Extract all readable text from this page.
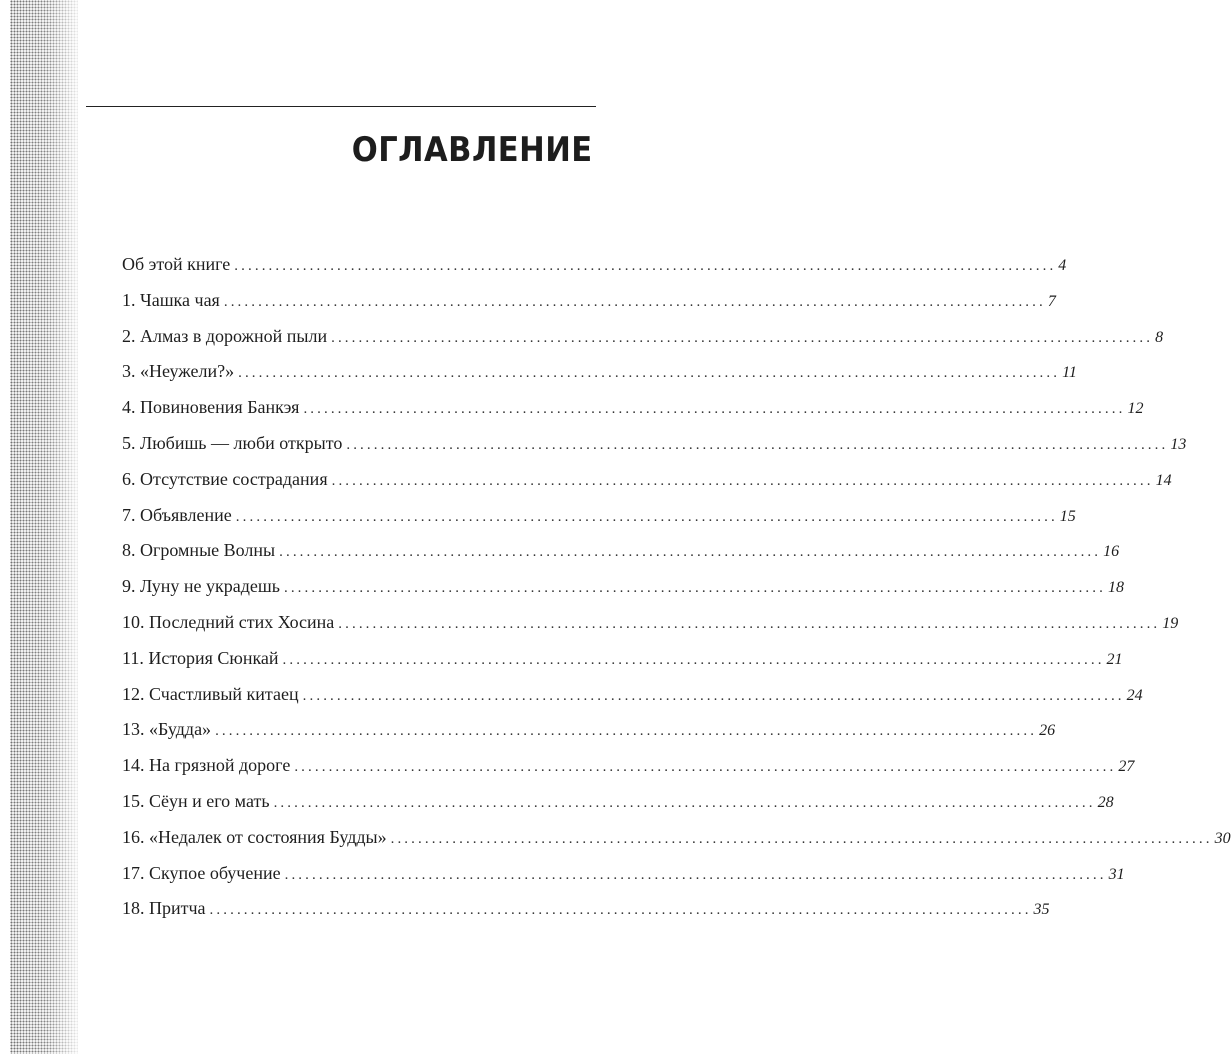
ОГЛАВЛЕНИЕ
Об этой книге ........................................................................................................................ 4
1. Чашка чая ........................................................................................................................ 7
2. Алмаз в дорожной пыли ........................................................................................................................ 8
3. «Неужели?» ........................................................................................................................ 11
4. Повиновения Банкэя ........................................................................................................................ 12
5. Любишь — люби открыто ........................................................................................................................ 13
6. Отсутствие сострадания ........................................................................................................................ 14
7. Объявление ........................................................................................................................ 15
8. Огромные Волны ........................................................................................................................ 16
9. Луну не украдешь ........................................................................................................................ 18
10. Последний стих Хосина ........................................................................................................................ 19
11. История Сюнкай ........................................................................................................................ 21
12. Счастливый китаец ........................................................................................................................ 24
13. «Будда» ........................................................................................................................ 26
14. На грязной дороге ........................................................................................................................ 27
15. Сёун и его мать ........................................................................................................................ 28
16. «Недалек от состояния Будды» ........................................................................................................................ 30
17. Скупое обучение ........................................................................................................................ 31
18. Притча ........................................................................................................................ 35
